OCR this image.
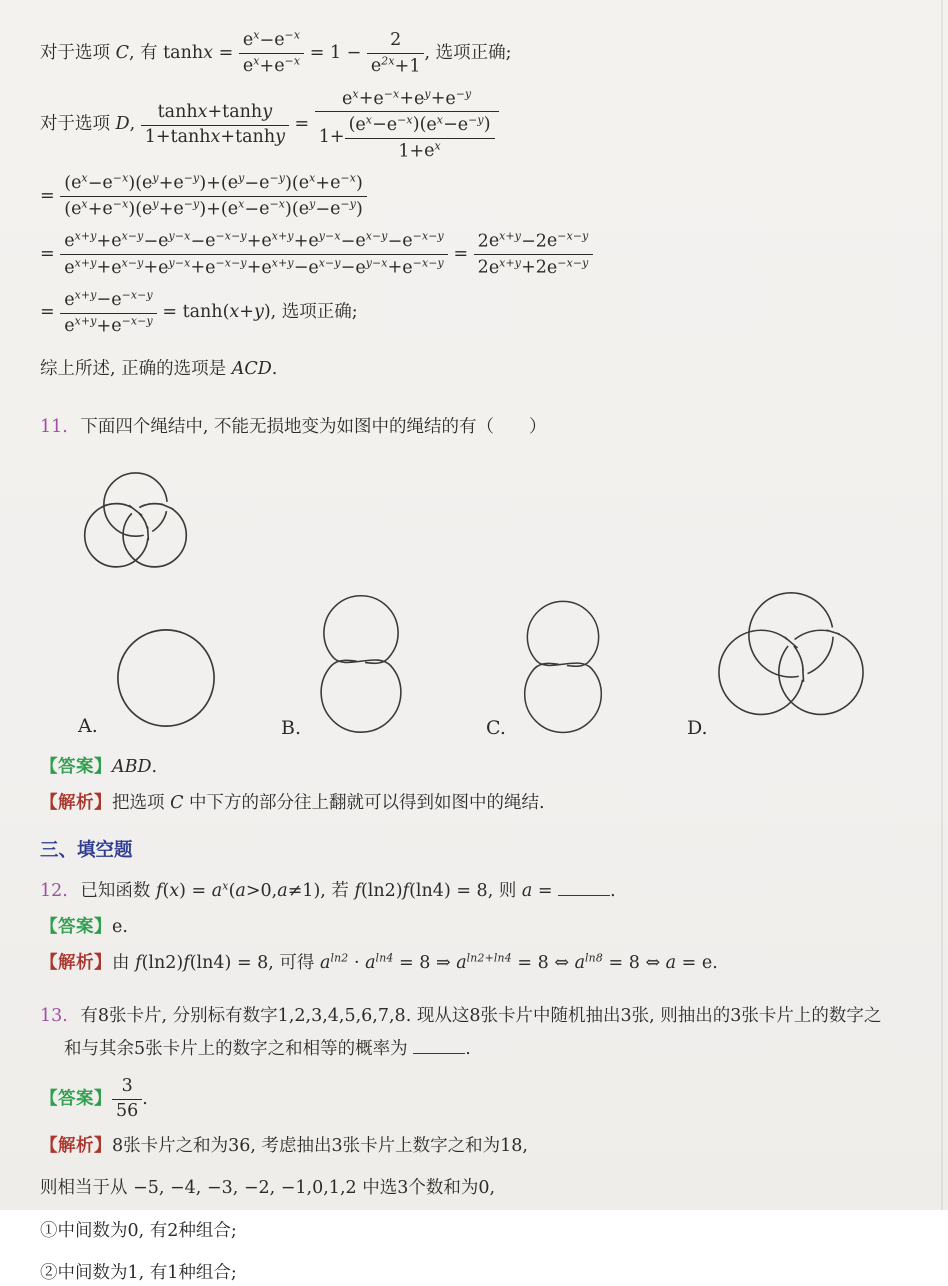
对于选项 C, 有 $\tanh x = \frac{e^x-e^{-x}}{e^x+e^{-x}} = 1 - \frac{2}{e^{2x}+1}$ , 选项正确;
对于选项 D, $\frac{\tanh x+\tanh y}{1+\tanh x+\tanh y} = \frac{e^x+e^{-x}+e^y+e^{-y}}{1+ \frac{(e^x-e^{-x})(e^x-e^{-y})}{1+e^x}}$
= $\frac{(e^x-e^{-x})(e^y+e^{-y})+(e^y-e^{-y})(e^x+e^{-x})}{(e^x+e^{-x})(e^y+e^{-y})+(e^x-e^{-x})(e^y-e^{-y})}$
= $\frac{e^{x+y}+e^{x-y}-e^{y-x}-e^{-x-y}+e^{x+y}+e^{y-x}-e^{x-y}-e^{-x-y}}{e^{x+y}+e^{x-y}+e^{y-x}+e^{-x-y}+e^{x+y}-e^{x-y}-e^{y-x}+e^{-x-y}} = \frac{2e^{x+y}-2e^{-x-y}}{2e^{x+y}+2e^{-x-y}}$
= $\frac{e^{x+y}-e^{-x-y}}{e^{x+y}+e^{-x-y}} = \tanh(x+y)$, 选项正确;
综上所述, 正确的选项是 ACD.

11. 下面四个绳结中, 不能无损地变为如图中的绳结的有（　　）

A.	B.	C.	D.

【答案】ABD.

【解析】把选项 C 中下方的部分往上翻就可以得到如图中的绳结.

三、填空题

12. 已知函数 $f(x) = a^x(a>0,a\ne 1)$, 若 f(ln2)f(ln4) = 8, 则 a =	.

【答案】e.

【解析】由 f(ln2)f(ln4) = 8, 可得 $a^{ln2} \cdot a^{ln4} = 8$ ⇒ $a^{ln2+ln4} = 8$ ⇔ $a^{ln8} = 8$ ⇔ a = e.

13. 有8张卡片, 分别标有数字1,2,3,4,5,6,7,8. 现从这8张卡片中随机抽出3张, 则抽出的3张卡片上的数字之

和与其余5张卡片上的数字之和相等的概率为	.

【答案】 $\frac{3}{56}$ .

【解析】8张卡片之和为36, 考虑抽出3张卡片上数字之和为18,

则相当于从 −5, −4, −3, −2, −1,0,1,2 中选3个数和为0,

①中间数为0, 有2种组合;

②中间数为1, 有1种组合;
